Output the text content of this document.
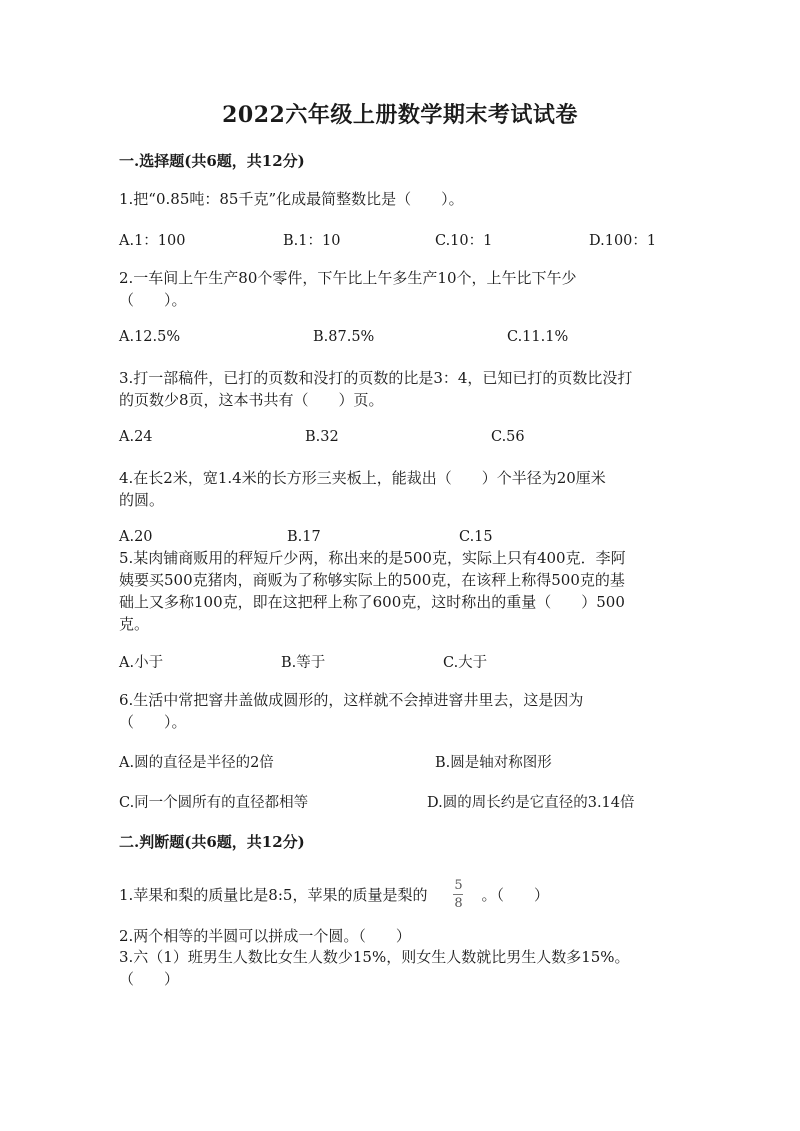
2022六年级上册数学期末考试试卷
一.选择题(共6题，共12分)
1.把“0.85吨：85千克”化成最简整数比是（　　）。
A.1：100	B.1：10	C.10：1	D.100：1
2.一车间上午生产80个零件，下午比上午多生产10个，上午比下午少
（　　）。
A.12.5%	B.87.5%	C.11.1%
3.打一部稿件，已打的页数和没打的页数的比是3：4，已知已打的页数比没打
的页数少8页，这本书共有（　　）页。
A.24	B.32	C.56
4.在长2米，宽1.4米的长方形三夹板上，能裁出（　　）个半径为20厘米
的圆。
A.20	B.17	C.15
5.某肉铺商贩用的秤短斤少两，称出来的是500克，实际上只有400克．李阿
姨要买500克猪肉，商贩为了称够实际上的500克，在该秤上称得500克的基
础上又多称100克，即在这把秤上称了600克，这时称出的重量（　　）500
克。
A.小于	B.等于	C.大于
6.生活中常把窨井盖做成圆形的，这样就不会掉进窨井里去，这是因为
（　　）。
A.圆的直径是半径的2倍	B.圆是轴对称图形
C.同一个圆所有的直径都相等	D.圆的周长约是它直径的3.14倍
二.判断题(共6题，共12分)
1.苹果和梨的质量比是8:5，苹果的质量是梨的 $\frac{5}{8}$ 。（　　）
2.两个相等的半圆可以拼成一个圆。（　　）
3.六（1）班男生人数比女生人数少15%，则女生人数就比男生人数多15%。
（　　）
